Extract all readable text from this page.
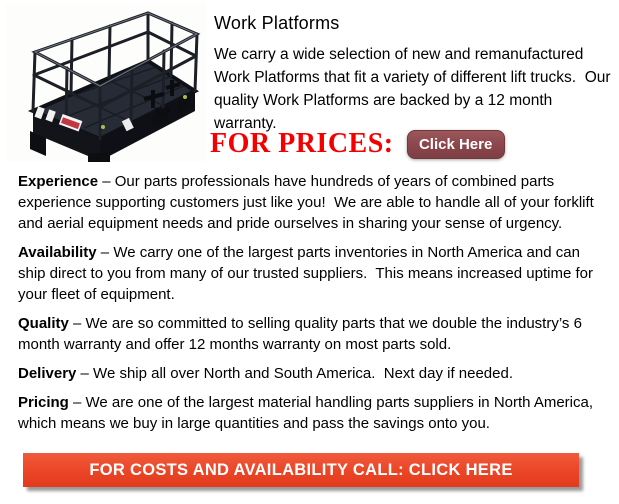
Work Platforms

We carry a wide selection of new and remanufactured Work Platforms that fit a variety of different lift trucks.  Our quality Work Platforms are backed by a 12 month warranty.

FOR PRICES:	Click Here

Experience – Our parts professionals have hundreds of years of combined parts experience supporting customers just like you!  We are able to handle all of your forklift and aerial equipment needs and pride ourselves in sharing your sense of urgency.

Availability – We carry one of the largest parts inventories in North America and can ship direct to you from many of our trusted suppliers.  This means increased uptime for your fleet of equipment.

Quality – We are so committed to selling quality parts that we double the industry’s 6 month warranty and offer 12 months warranty on most parts sold.

Delivery – We ship all over North and South America.  Next day if needed.

Pricing – We are one of the largest material handling parts suppliers in North America, which means we buy in large quantities and pass the savings onto you.

FOR COSTS AND AVAILABILITY CALL: CLICK HERE
